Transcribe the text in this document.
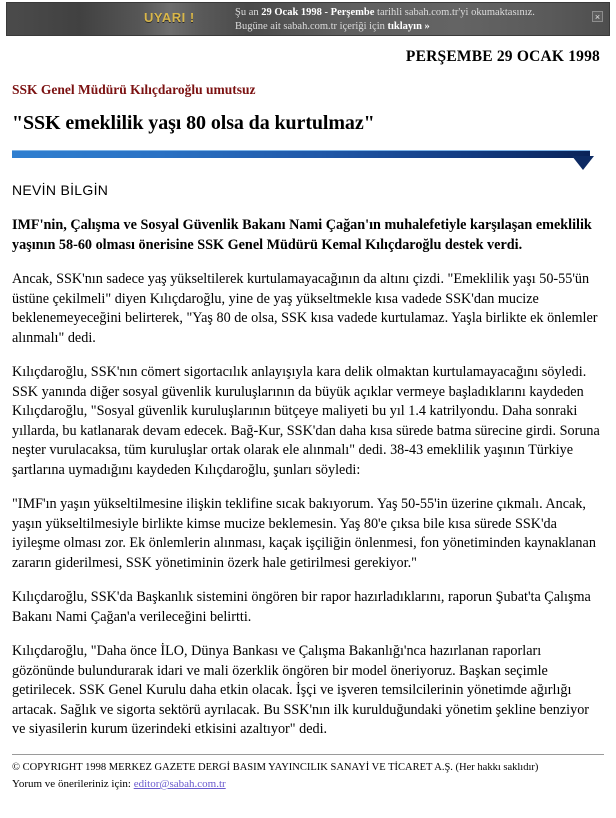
UYARI !	Şu an 29 Ocak 1998 - Perşembe tarihli sabah.com.tr'yi okumaktasınız.
Bugüne ait sabah.com.tr içeriği için tıklayın »
×
PERŞEMBE 29 OCAK 1998
SSK Genel Müdürü Kılıçdaroğlu umutsuz
"SSK emeklilik yaşı 80 olsa da kurtulmaz"
NEVİN BİLGİN

IMF'nin, Çalışma ve Sosyal Güvenlik Bakanı Nami Çağan'ın muhalefetiyle karşılaşan emeklilik yaşının 58-60 olması önerisine SSK Genel Müdürü Kemal Kılıçdaroğlu destek verdi.

Ancak, SSK'nın sadece yaş yükseltilerek kurtulamayacağının da altını çizdi. "Emeklilik yaşı 50-55'ün üstüne çekilmeli" diyen Kılıçdaroğlu, yine de yaş yükseltmekle kısa vadede SSK'dan mucize beklenemeyeceğini belirterek, "Yaş 80 de olsa, SSK kısa vadede kurtulamaz. Yaşla birlikte ek önlemler alınmalı" dedi.

Kılıçdaroğlu, SSK'nın cömert sigortacılık anlayışıyla kara delik olmaktan kurtulamayacağını söyledi. SSK yanında diğer sosyal güvenlik kuruluşlarının da büyük açıklar vermeye başladıklarını kaydeden Kılıçdaroğlu, "Sosyal güvenlik kuruluşlarının bütçeye maliyeti bu yıl 1.4 katrilyondu. Daha sonraki yıllarda, bu katlanarak devam edecek. Bağ-Kur, SSK'dan daha kısa sürede batma sürecine girdi. Soruna neşter vurulacaksa, tüm kuruluşlar ortak olarak ele alınmalı" dedi. 38-43 emeklilik yaşının Türkiye şartlarına uymadığını kaydeden Kılıçdaroğlu, şunları söyledi:

"IMF'ın yaşın yükseltilmesine ilişkin teklifine sıcak bakıyorum. Yaş 50-55'in üzerine çıkmalı. Ancak, yaşın yükseltilmesiyle birlikte kimse mucize beklemesin. Yaş 80'e çıksa bile kısa sürede SSK'da iyileşme olması zor. Ek önlemlerin alınması, kaçak işçiliğin önlenmesi, fon yönetiminden kaynaklanan zararın giderilmesi, SSK yönetiminin özerk hale getirilmesi gerekiyor."

Kılıçdaroğlu, SSK'da Başkanlık sistemini öngören bir rapor hazırladıklarını, raporun Şubat'ta Çalışma Bakanı Nami Çağan'a verileceğini belirtti.

Kılıçdaroğlu, "Daha önce İLO, Dünya Bankası ve Çalışma Bakanlığı'nca hazırlanan raporları gözönünde bulundurarak idari ve mali özerklik öngören bir model öneriyoruz. Başkan seçimle getirilecek. SSK Genel Kurulu daha etkin olacak. İşçi ve işveren temsilcilerinin yönetimde ağırlığı artacak. Sağlık ve sigorta sektörü ayrılacak. Bu SSK'nın ilk kurulduğundaki yönetim şekline benziyor ve siyasilerin kurum üzerindeki etkisini azaltıyor" dedi.

© COPYRIGHT 1998 MERKEZ GAZETE DERGİ BASIM YAYINCILIK SANAYİ VE TİCARET A.Ş. (Her hakkı saklıdır)
Yorum ve önerileriniz için: editor@sabah.com.tr
